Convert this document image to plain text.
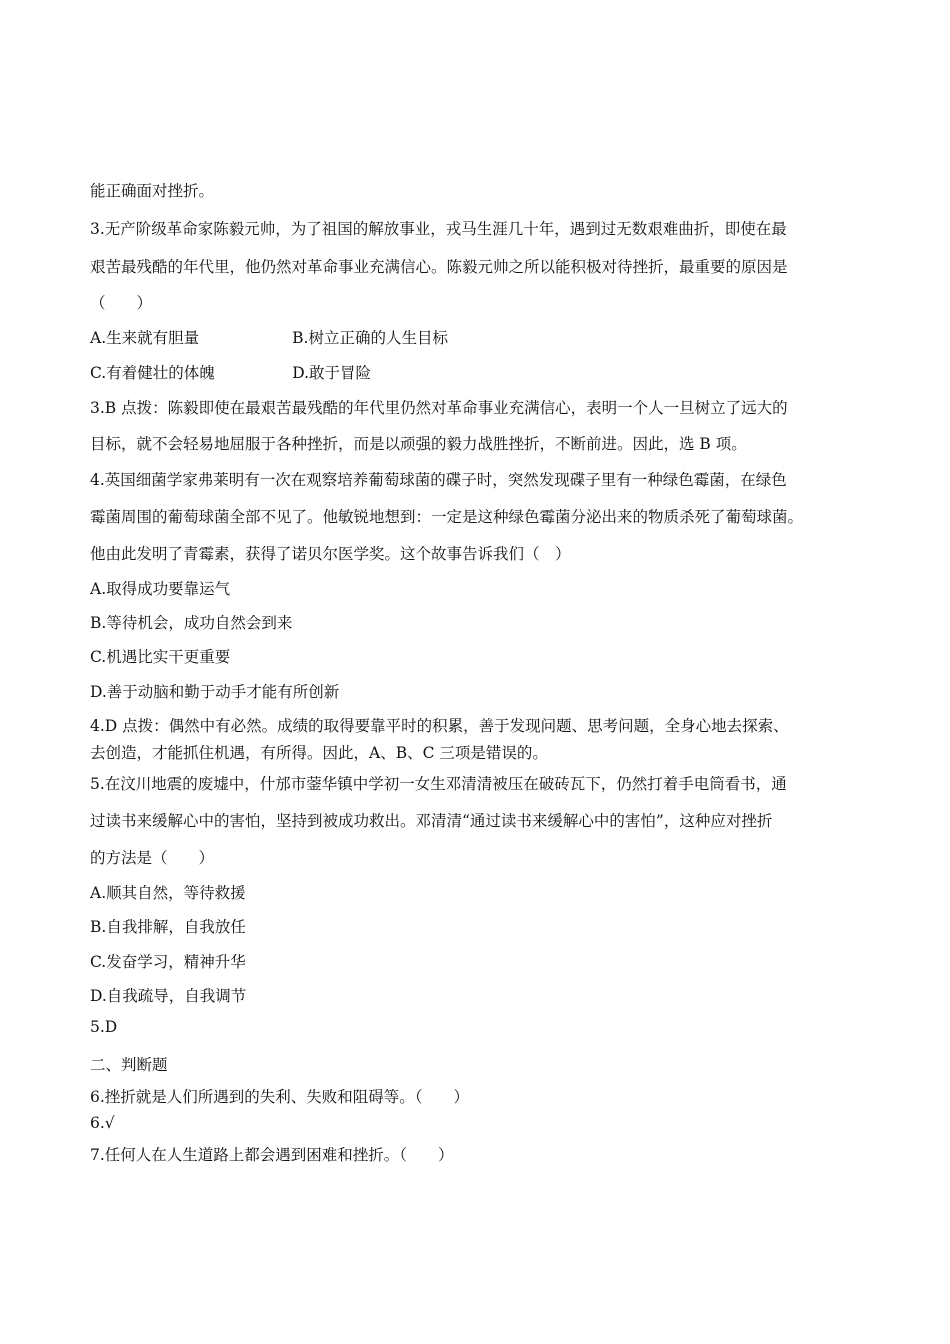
能正确面对挫折。
3.无产阶级革命家陈毅元帅，为了祖国的解放事业，戎马生涯几十年，遇到过无数艰难曲折，即使在最
艰苦最残酷的年代里，他仍然对革命事业充满信心。陈毅元帅之所以能积极对待挫折，最重要的原因是
（　　）
A.生来就有胆量　　　　　　B.树立正确的人生目标
C.有着健壮的体魄　　　　　D.敢于冒险
3.B 点拨：陈毅即使在最艰苦最残酷的年代里仍然对革命事业充满信心，表明一个人一旦树立了远大的
目标，就不会轻易地屈服于各种挫折，而是以顽强的毅力战胜挫折，不断前进。因此，选 B 项。
4.英国细菌学家弗莱明有一次在观察培养葡萄球菌的碟子时，突然发现碟子里有一种绿色霉菌，在绿色
霉菌周围的葡萄球菌全部不见了。他敏锐地想到：一定是这种绿色霉菌分泌出来的物质杀死了葡萄球菌。
他由此发明了青霉素，获得了诺贝尔医学奖。这个故事告诉我们（　）
A.取得成功要靠运气
B.等待机会，成功自然会到来
C.机遇比实干更重要
D.善于动脑和勤于动手才能有所创新
4.D 点拨：偶然中有必然。成绩的取得要靠平时的积累，善于发现问题、思考问题，全身心地去探索、
去创造，才能抓住机遇，有所得。因此，A、B、C 三项是错误的。
5.在汶川地震的废墟中，什邡市蓥华镇中学初一女生邓清清被压在破砖瓦下，仍然打着手电筒看书，通
过读书来缓解心中的害怕，坚持到被成功救出。邓清清“通过读书来缓解心中的害怕”，这种应对挫折
的方法是（　　）
A.顺其自然，等待救援
B.自我排解，自我放任
C.发奋学习，精神升华
D.自我疏导，自我调节
5.D
二、判断题
6.挫折就是人们所遇到的失利、失败和阻碍等。（　　）
6.√
7.任何人在人生道路上都会遇到困难和挫折。（　　）
